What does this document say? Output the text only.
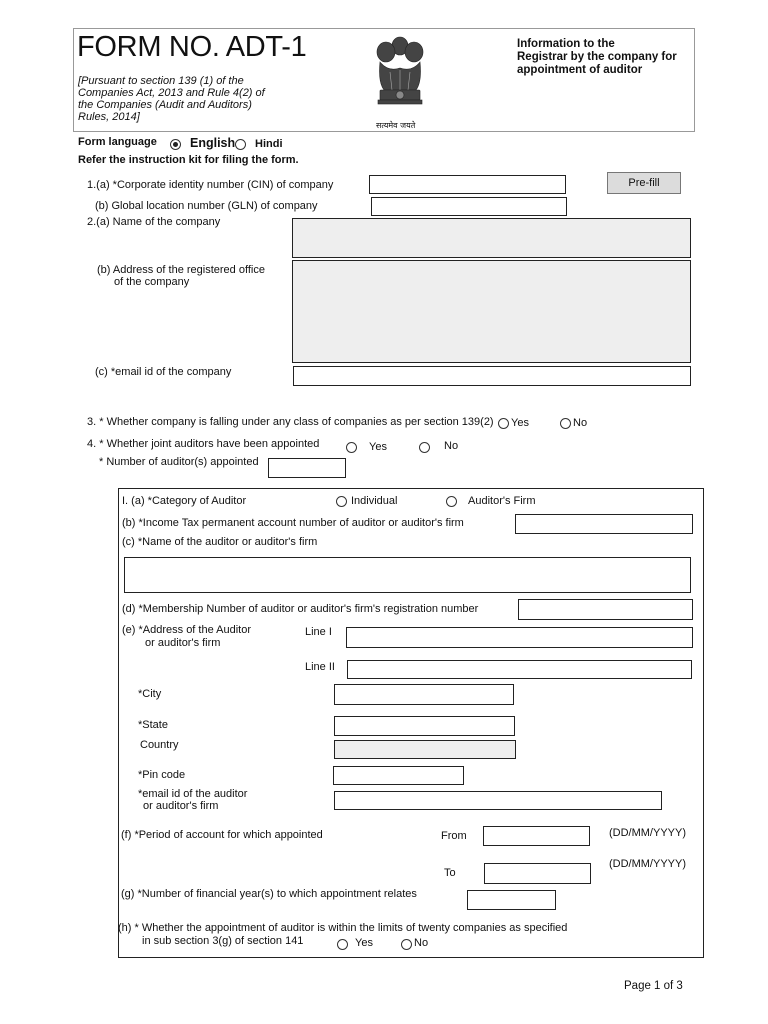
FORM NO. ADT-1
[Pursuant to section 139 (1) of the
Companies Act, 2013 and Rule 4(2) of
the Companies (Audit and Auditors)
Rules, 2014]
सत्यमेव जयते
Information to the
Registrar by the company for
appointment of auditor
Form language	English Hindi
Refer the instruction kit for filing the form.
1.(a) *Corporate identity number (CIN) of company	Pre-fill
(b) Global location number (GLN) of company
2.(a) Name of the company
(b) Address of the registered office
of the company
(c) *email id of the company
3. * Whether company is falling under any class of companies as per section 139(2) Yes	No
4. * Whether joint auditors have been appointed	Yes	No
* Number of auditor(s) appointed
I. (a) *Category of Auditor	Individual	Auditor's Firm
(b) *Income Tax permanent account number of auditor or auditor's firm
(c) *Name of the auditor or auditor's firm
(d) *Membership Number of auditor or auditor's firm's registration number
(e) *Address of the Auditor
or auditor's firm
Line I
Line II
*City
*State
Country
*Pin code
*email id of the auditor
or auditor's firm
(f) *Period of account for which appointed	From	(DD/MM/YYYY)
To
(DD/MM/YYYY)
(g) *Number of financial year(s) to which appointment relates
(h) * Whether the appointment of auditor is within the limits of twenty companies as specified
in sub section 3(g) of section 141	Yes	No
Page 1 of 3
